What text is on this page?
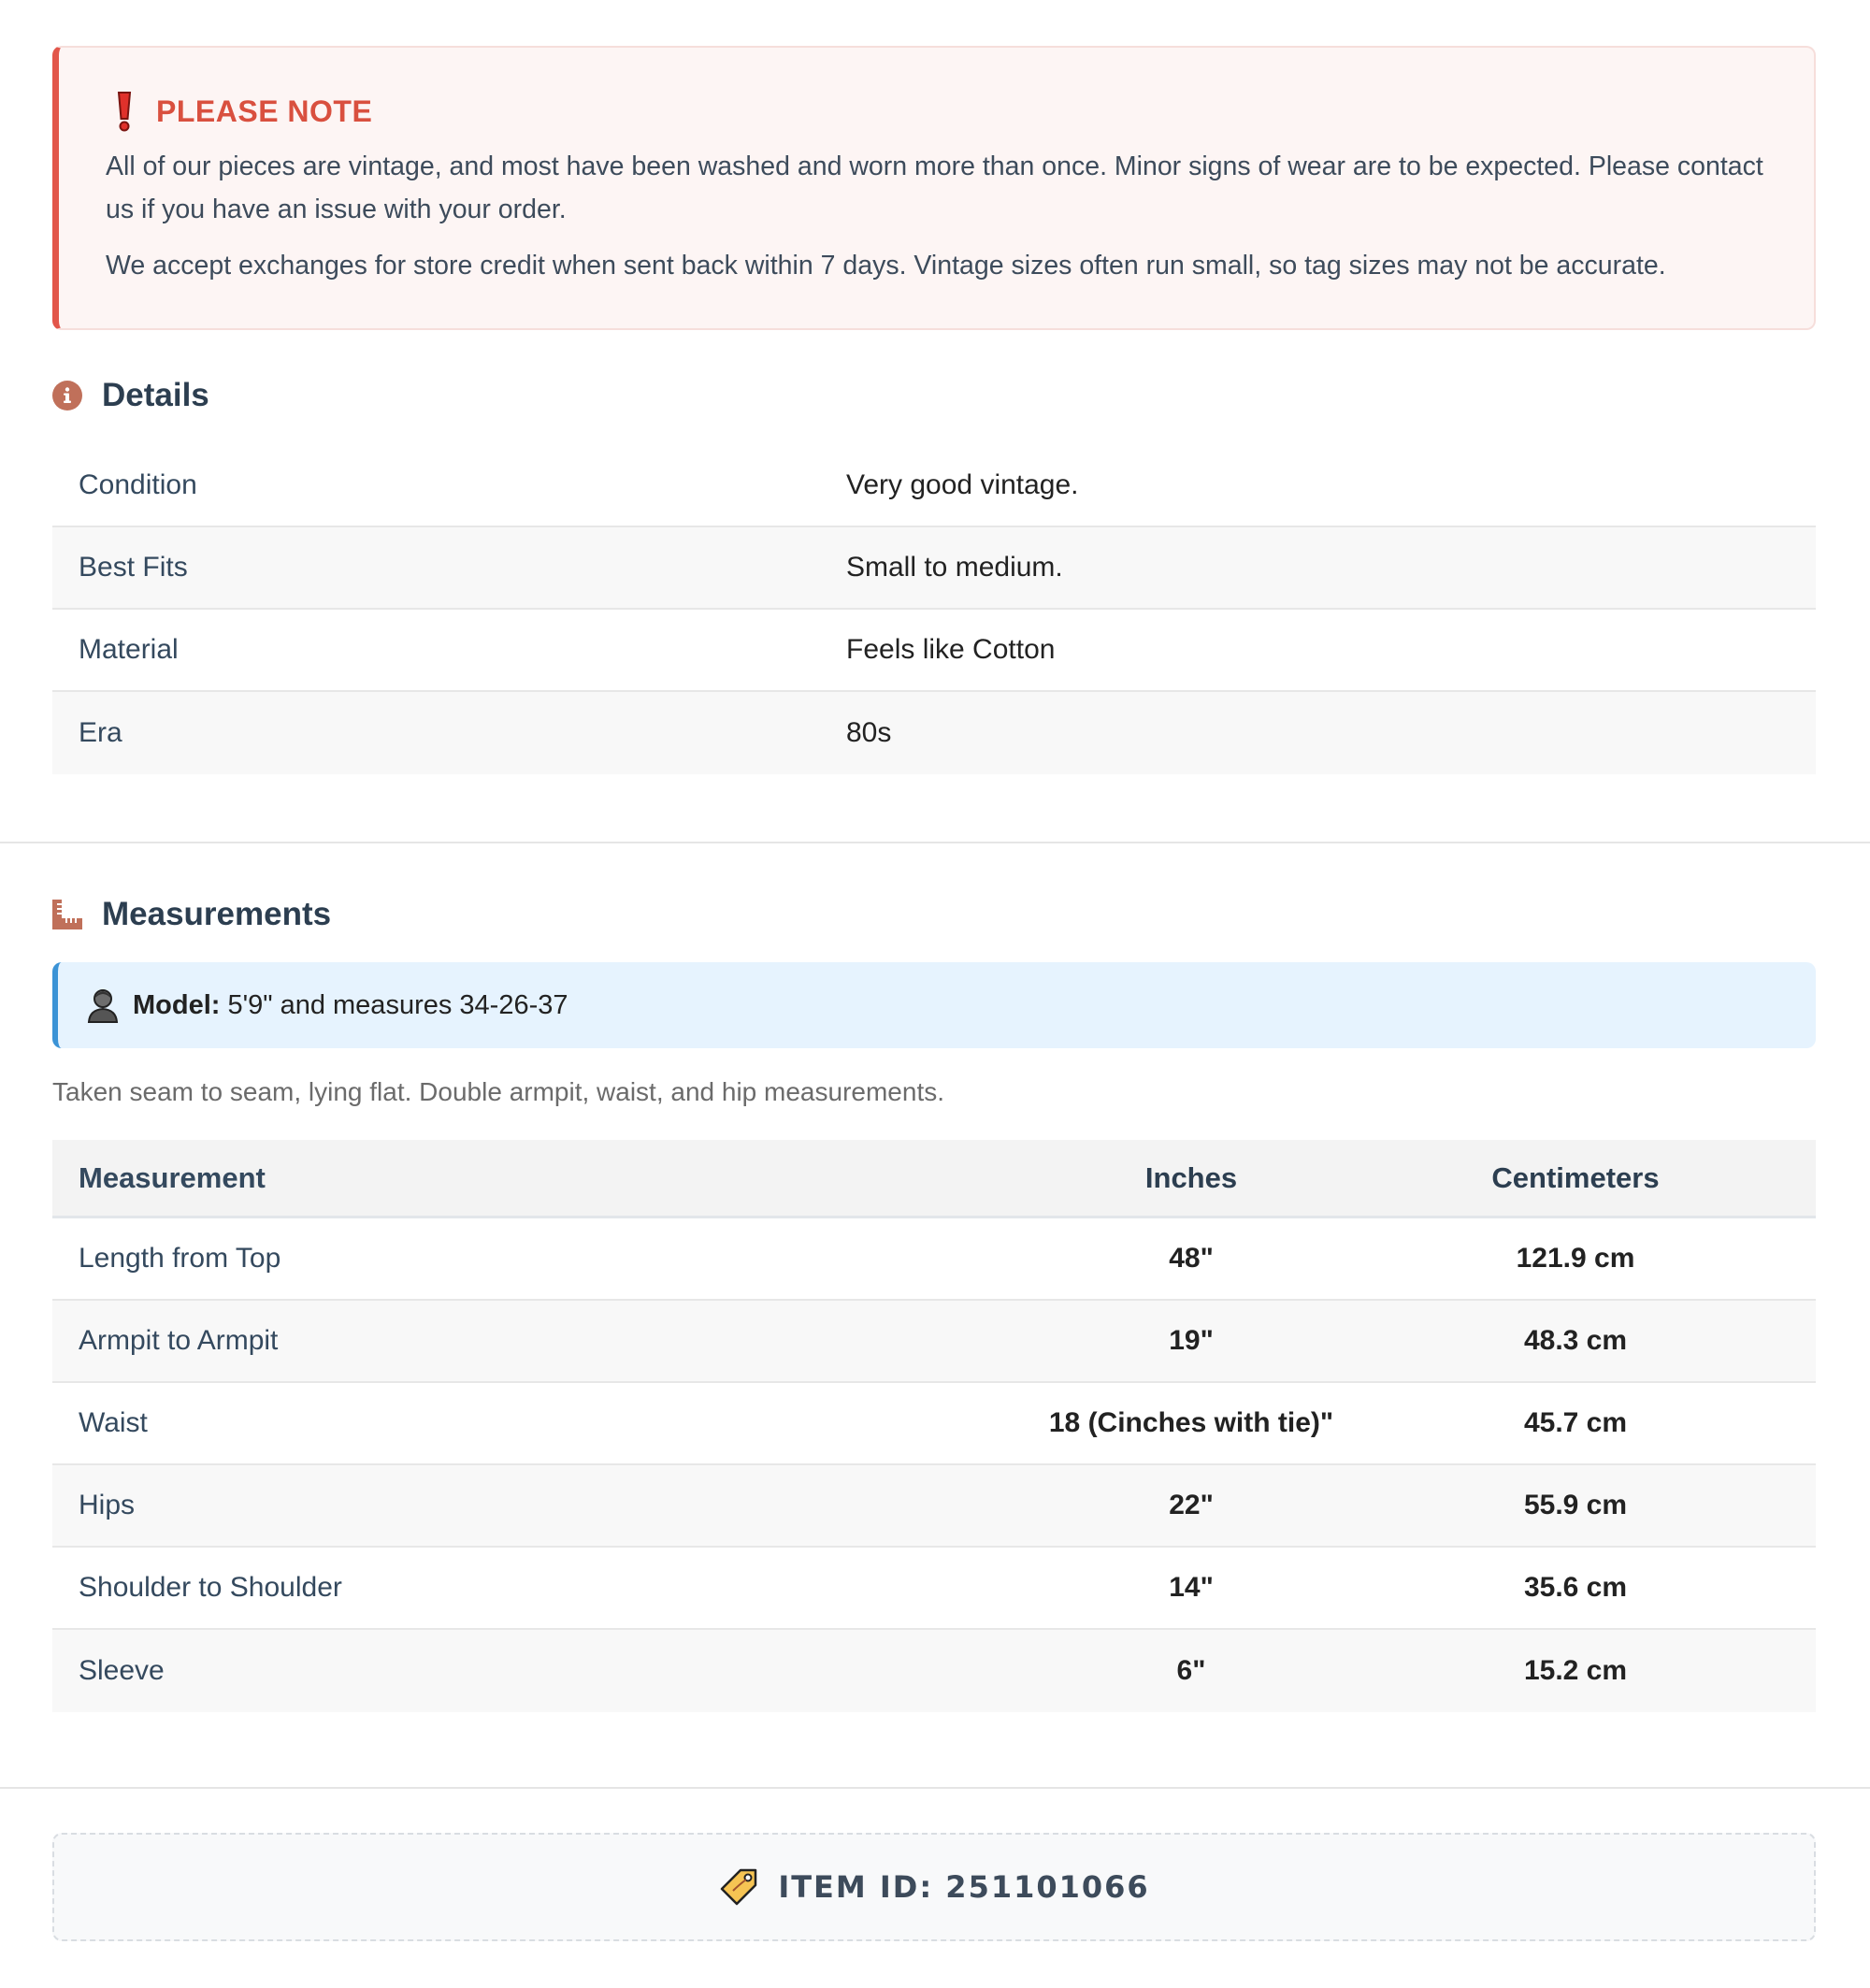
PLEASE NOTE

All of our pieces are vintage, and most have been washed and worn more than once. Minor signs of wear are to be expected. Please contact us if you have an issue with your order.

We accept exchanges for store credit when sent back within 7 days. Vintage sizes often run small, so tag sizes may not be accurate.

Details
Condition	Very good vintage.
Best Fits	Small to medium.
Material	Feels like Cotton
Era	80s
Measurements
Model: 5'9" and measures 34-26-37
Taken seam to seam, lying flat. Double armpit, waist, and hip measurements.
Measurement	Inches	Centimeters
Length from Top	48"	121.9 cm
Armpit to Armpit	19"	48.3 cm
Waist	18 (Cinches with tie)"	45.7 cm
Hips	22"	55.9 cm
Shoulder to Shoulder	14"	35.6 cm
Sleeve	6"	15.2 cm
ITEM ID: 251101066
